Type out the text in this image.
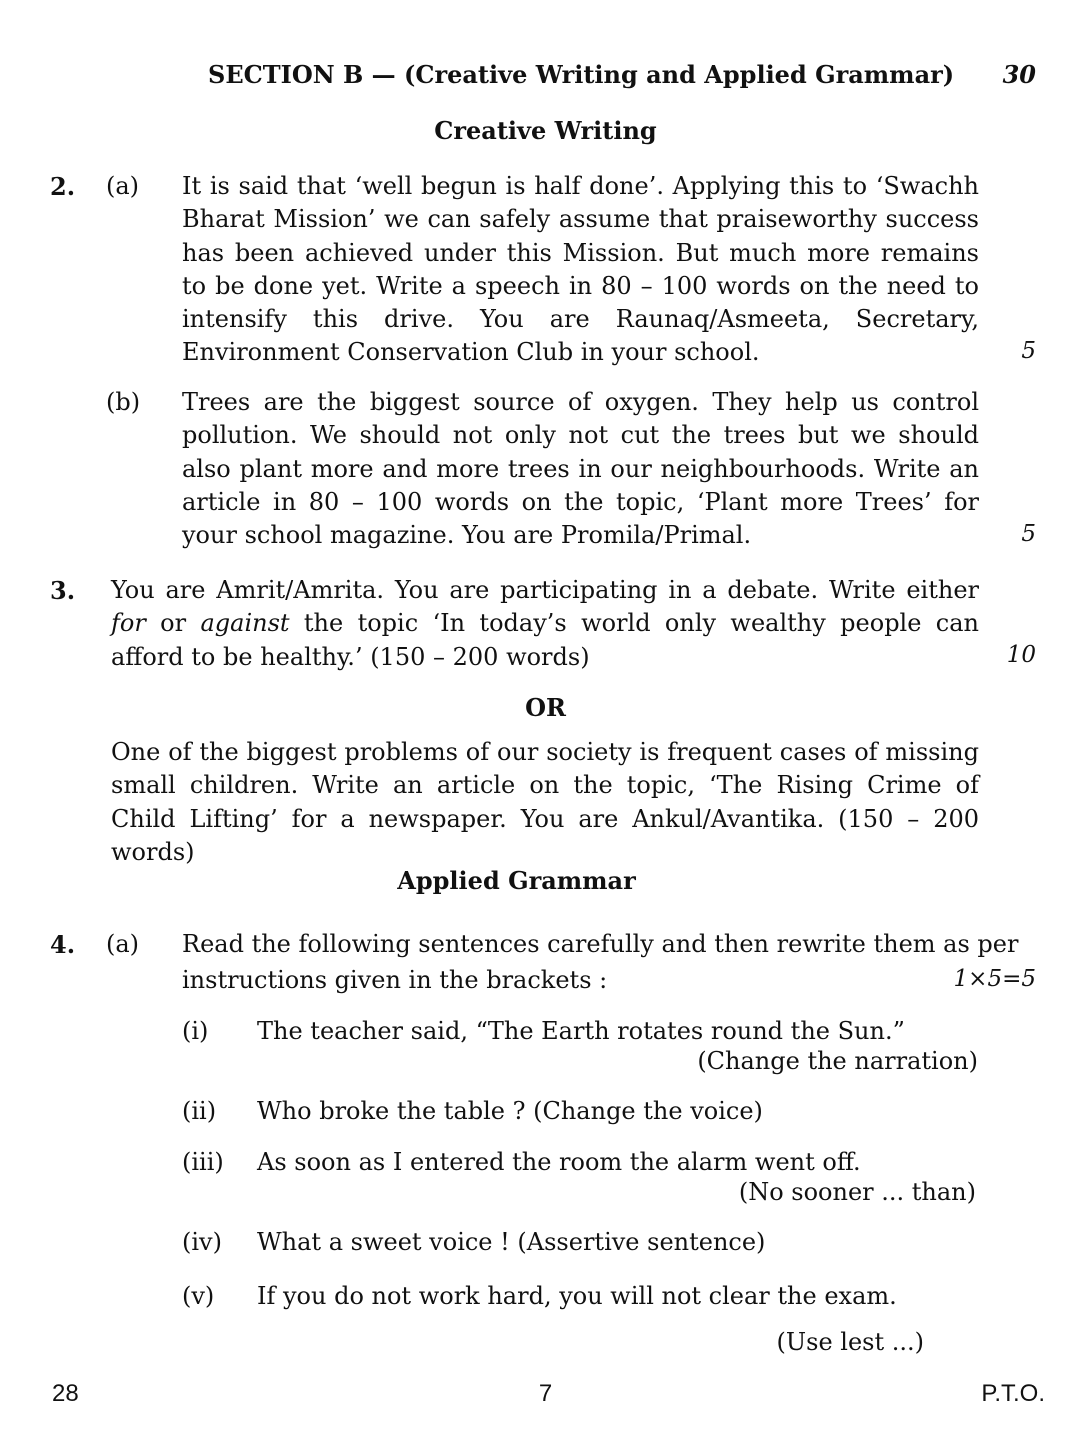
SECTION B — (Creative Writing and Applied Grammar)	30
Creative Writing
2. (a) It is said that ‘well begun is half done’. Applying this to ‘Swachh Bharat Mission’ we can safely assume that praiseworthy success has been achieved under this Mission. But much more remains to be done yet. Write a speech in 80 – 100 words on the need to intensify this drive. You are Raunaq/Asmeeta, Secretary, Environment Conservation Club in your school.	5
(b) Trees are the biggest source of oxygen. They help us control pollution. We should not only not cut the trees but we should also plant more and more trees in our neighbourhoods. Write an article in 80 – 100 words on the topic, ‘Plant more Trees’ for your school magazine. You are Promila/Primal.	5
3. You are Amrit/Amrita. You are participating in a debate. Write either for or against the topic ‘In today’s world only wealthy people can afford to be healthy.’ (150 – 200 words)	10
OR
One of the biggest problems of our society is frequent cases of missing small children. Write an article on the topic, ‘The Rising Crime of Child Lifting’ for a newspaper. You are Ankul/Avantika. (150 – 200 words)
Applied Grammar
4. (a) Read the following sentences carefully and then rewrite them as per
instructions given in the brackets :	1×5=5
(i) The teacher said, “The Earth rotates round the Sun.”
(Change the narration)
(ii) Who broke the table ? (Change the voice)
(iii) As soon as I entered the room the alarm went off.
(No sooner ... than)
(iv) What a sweet voice ! (Assertive sentence)
(v) If you do not work hard, you will not clear the exam.
(Use lest ...)
28	7	P.T.O.
